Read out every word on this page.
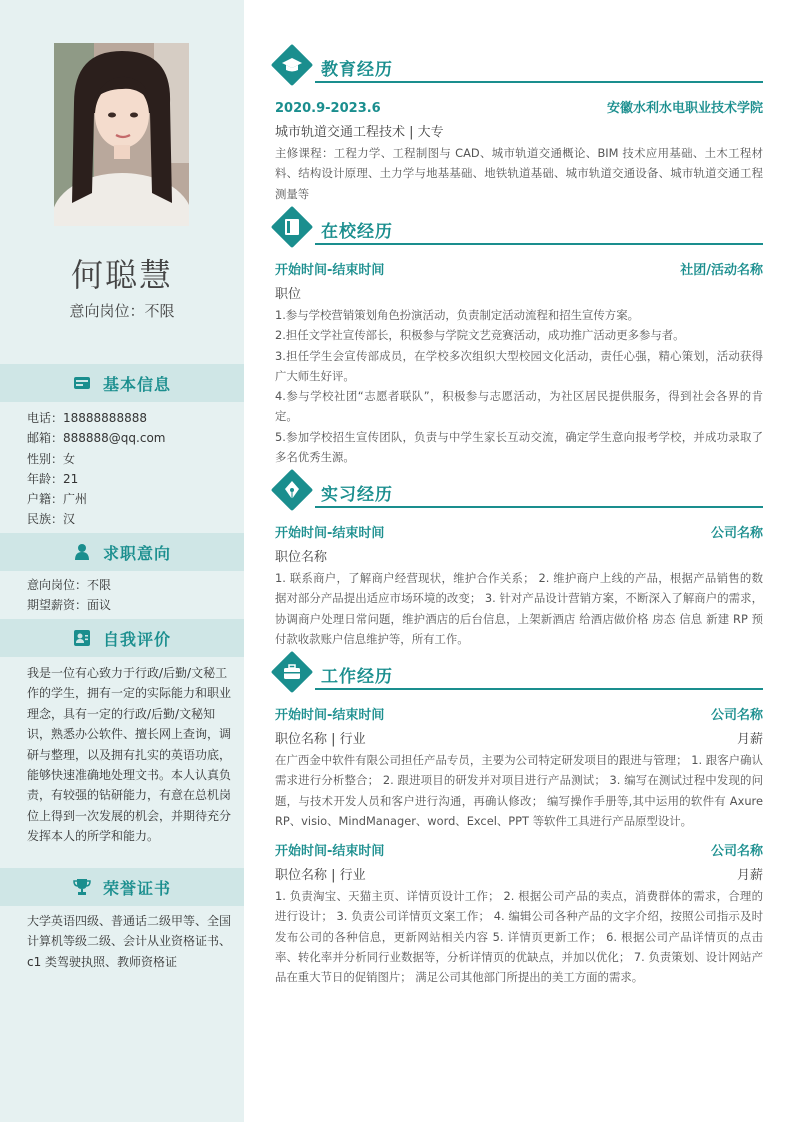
何聪慧
意向岗位：不限
基本信息
电话：18888888888
邮箱：888888@qq.com
性别：女
年龄：21
户籍：广州
民族：汉
求职意向
意向岗位：不限
期望薪资：面议
自我评价
我是一位有心致力于行政/后勤/文秘工作的学生，拥有一定的实际能力和职业理念，具有一定的行政/后勤/文秘知识，熟悉办公软件、擅长网上查询，调研与整理，以及拥有扎实的英语功底，能够快速准确地处理文书。本人认真负责，有较强的钻研能力，有意在总机岗位上得到一次发展的机会，并期待充分发挥本人的所学和能力。
荣誉证书
大学英语四级、普通话二级甲等、全国计算机等级二级、会计从业资格证书、c1 类驾驶执照、教师资格证
教育经历
2020.9-2023.6	安徽水利水电职业技术学院
城市轨道交通工程技术 | 大专
主修课程：工程力学、工程制图与 CAD、城市轨道交通概论、BIM 技术应用基础、土木工程材料、结构设计原理、土力学与地基基础、地铁轨道基础、城市轨道交通设备、城市轨道交通工程测量等
在校经历
开始时间-结束时间	社团/活动名称
职位

1.参与学校营销策划角色扮演活动，负责制定活动流程和招生宣传方案。

2.担任文学社宣传部长，积极参与学院文艺竞赛活动，成功推广活动更多参与者。

3.担任学生会宣传部成员，在学校多次组织大型校园文化活动，责任心强，精心策划，活动获得广大师生好评。

4.参与学校社团“志愿者联队”，积极参与志愿活动，为社区居民提供服务，得到社会各界的肯定。

5.参加学校招生宣传团队，负责与中学生家长互动交流，确定学生意向报考学校，并成功录取了多名优秀生源。

实习经历
开始时间-结束时间	公司名称
职位名称
1. 联系商户，了解商户经营现状，维护合作关系； 2. 维护商户上线的产品，根据产品销售的数据对部分产品提出适应市场环境的改变； 3. 针对产品设计营销方案，不断深入了解商户的需求，协调商户处理日常问题，维护酒店的后台信息，上架新酒店 给酒店做价格 房态 信息 新建 RP 预付款收款账户信息维护等，所有工作。
工作经历
开始时间-结束时间	公司名称
职位名称 | 行业	月薪
在广西金中软件有限公司担任产品专员，主要为公司特定研发项目的跟进与管理； 1. 跟客户确认需求进行分析整合； 2. 跟进项目的研发并对项目进行产品测试； 3. 编写在测试过程中发现的问题，与技术开发人员和客户进行沟通，再确认修改； 编写操作手册等,其中运用的软件有 Axure RP、visio、MindManager、word、Excel、PPT 等软件工具进行产品原型设计。
开始时间-结束时间	公司名称
职位名称 | 行业	月薪
1. 负责淘宝、天猫主页、详情页设计工作； 2. 根据公司产品的卖点，消费群体的需求，合理的进行设计； 3. 负责公司详情页文案工作； 4. 编辑公司各种产品的文字介绍，按照公司指示及时发布公司的各种信息，更新网站相关内容 5. 详情页更新工作； 6. 根据公司产品详情页的点击率、转化率并分析同行业数据等，分析详情页的优缺点，并加以优化； 7. 负责策划、设计网站产品在重大节日的促销图片； 满足公司其他部门所提出的美工方面的需求。
